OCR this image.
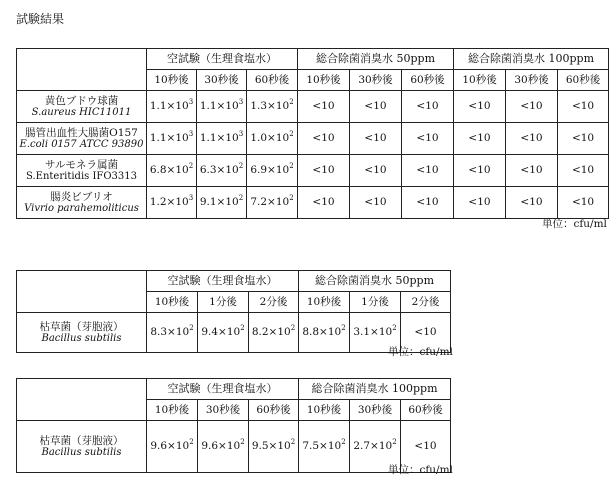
試験結果
	空試験（生理食塩水）			総合除菌消臭水 50ppm			総合除菌消臭水 100ppm		
	10秒後	30秒後	60秒後	10秒後	30秒後	60秒後	10秒後	30秒後	60秒後

黄色ブドウ球菌
S.aureus HIC11011	$1.1\times 10^3$	$1.1\times 10^3$	$1.3\times 10^2$	<10	<10	<10	<10	<10	<10

腸管出血性大腸菌O157
E.coli 0157 ATCC 93890	$1.1\times 10^3$	$1.1\times 10^3$	$1.0\times 10^2$	<10	<10	<10	<10	<10	<10

サルモネラ属菌
S.Enteritidis IFO3313	$6.8\times 10^2$	$6.3\times 10^2$	$6.9\times 10^2$	<10	<10	<10	<10	<10	<10

腸炎ビブリオ
Vivrio parahemoliticus	$1.2\times 10^3$	$9.1\times 10^2$	$7.2\times 10^2$	<10	<10	<10	<10	<10	<10
単位：cfu/ml
	空試験（生理食塩水）			総合除菌消臭水 50ppm		
	10秒後	1分後	2分後	10秒後	1分後	2分後

枯草菌（芽胞液）
Bacillus subtilis	$8.3\times 10^2$	$9.4\times 10^2$	$8.2\times 10^2$	$8.8\times 10^2$	$3.1\times 10^2$	<10
単位：cfu/ml
	空試験（生理食塩水）			総合除菌消臭水 100ppm		
	10秒後	30秒後	60秒後	10秒後	30秒後	60秒後

枯草菌（芽胞液）
Bacillus subtilis	$9.6\times 10^2$	$9.6\times 10^2$	$9.5\times 10^2$	$7.5\times 10^2$	$2.7\times 10^2$	<10
単位：cfu/ml
